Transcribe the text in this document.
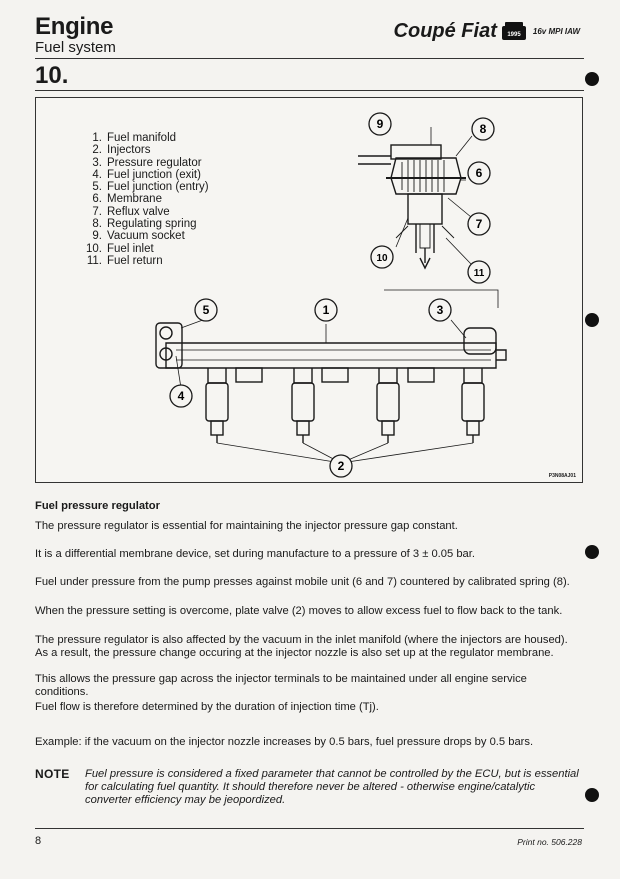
Engine
Fuel system
Coupé Fiat 1995 16v MPI IAW
10.
1. Fuel manifold
2. Injectors
3. Pressure regulator
4. Fuel junction (exit)
5. Fuel junction (entry)
6. Membrane
7. Reflux valve
8. Regulating spring
9. Vacuum socket
10. Fuel inlet
11. Fuel return
1
2
3
4
5
6
7
8
9
10
11
P3N08AJ01
Fuel pressure regulator
The pressure regulator is essential for maintaining the injector pressure gap constant.
It is a differential membrane device, set during manufacture to a pressure of 3 ± 0.05 bar.
Fuel under pressure from the pump presses against mobile unit (6 and 7) countered by calibrated spring (8).
When the pressure setting is overcome, plate valve (2) moves to allow excess fuel to flow back to the tank.
The pressure regulator is also affected by the vacuum in the inlet manifold (where the injectors are housed). As a result, the pressure change occuring at the injector nozzle is also set up at the regulator membrane.
This allows the pressure gap across the injector terminals to be maintained under all engine service conditions.
Fuel flow is therefore determined by the duration of injection time (Tj).
Example: if the vacuum on the injector nozzle increases by 0.5 bars, fuel pressure drops by 0.5 bars.
NOTE	Fuel pressure is considered a fixed parameter that cannot be controlled by the ECU, but is essential for calculating fuel quantity. It should therefore never be altered - otherwise engine/catalytic converter efficiency may be jeopordized.
8	Print no. 506.228
